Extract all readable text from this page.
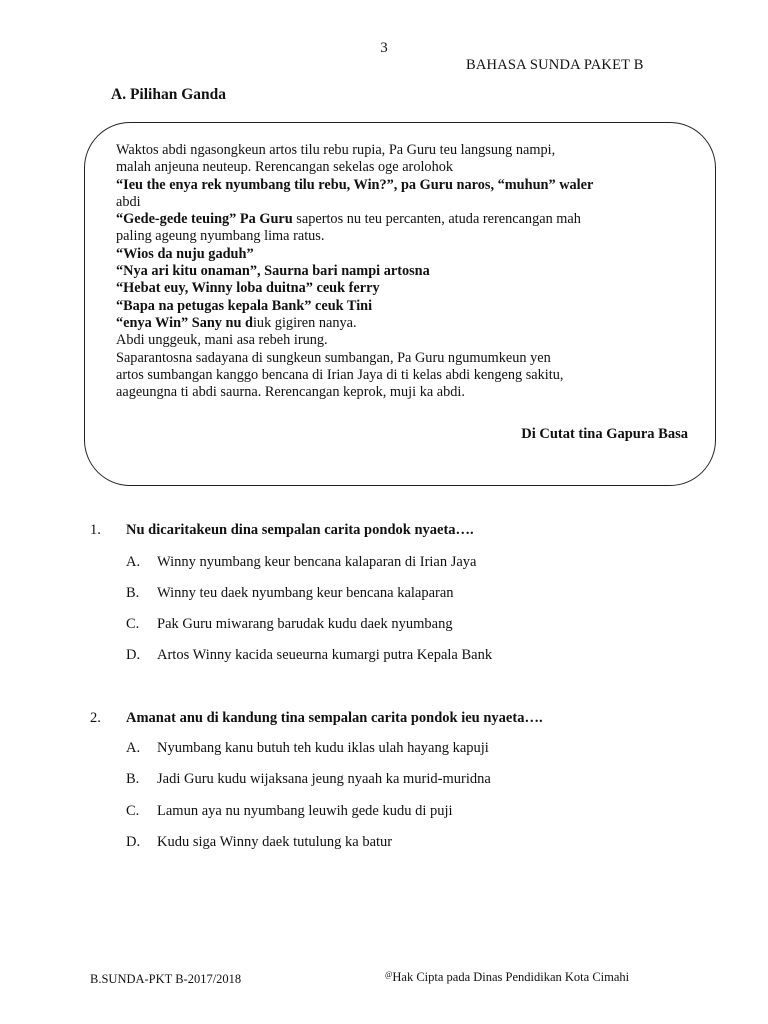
3
BAHASA SUNDA PAKET B
A. Pilihan Ganda
Waktos abdi ngasongkeun artos tilu rebu rupia, Pa Guru teu langsung nampi,
malah anjeuna neuteup. Rerencangan sekelas oge arolohok
“Ieu the enya rek nyumbang tilu rebu, Win?”, pa Guru naros, “muhun” waler
abdi
“Gede-gede teuing” Pa Guru sapertos nu teu percanten, atuda rerencangan mah
paling ageung nyumbang lima ratus.
“Wios da nuju gaduh”
“Nya ari kitu onaman”, Saurna bari nampi artosna
“Hebat euy, Winny loba duitna” ceuk ferry
“Bapa na petugas kepala Bank” ceuk Tini
“enya Win” Sany nu diuk gigiren nanya.
Abdi unggeuk, mani asa rebeh irung.
Saparantosna sadayana di sungkeun sumbangan, Pa Guru ngumumkeun yen
artos sumbangan kanggo bencana di Irian Jaya di ti kelas abdi kengeng sakitu,
aageungna ti abdi saurna. Rerencangan keprok, muji ka abdi.
Di Cutat tina Gapura Basa
1. Nu dicaritakeun dina sempalan carita pondok nyaeta….
A. Winny nyumbang keur bencana kalaparan di Irian Jaya
B. Winny teu daek nyumbang keur bencana kalaparan
C. Pak Guru miwarang barudak kudu daek nyumbang
D. Artos Winny kacida seueurna kumargi putra Kepala Bank
2. Amanat anu di kandung tina sempalan carita pondok ieu nyaeta….
A. Nyumbang kanu butuh teh kudu iklas ulah hayang kapuji
B. Jadi Guru kudu wijaksana jeung nyaah ka murid-muridna
C. Lamun aya nu nyumbang leuwih gede kudu di puji
D. Kudu siga Winny daek tutulung ka batur
B.SUNDA-PKT B-2017/2018	@Hak Cipta pada Dinas Pendidikan Kota Cimahi
